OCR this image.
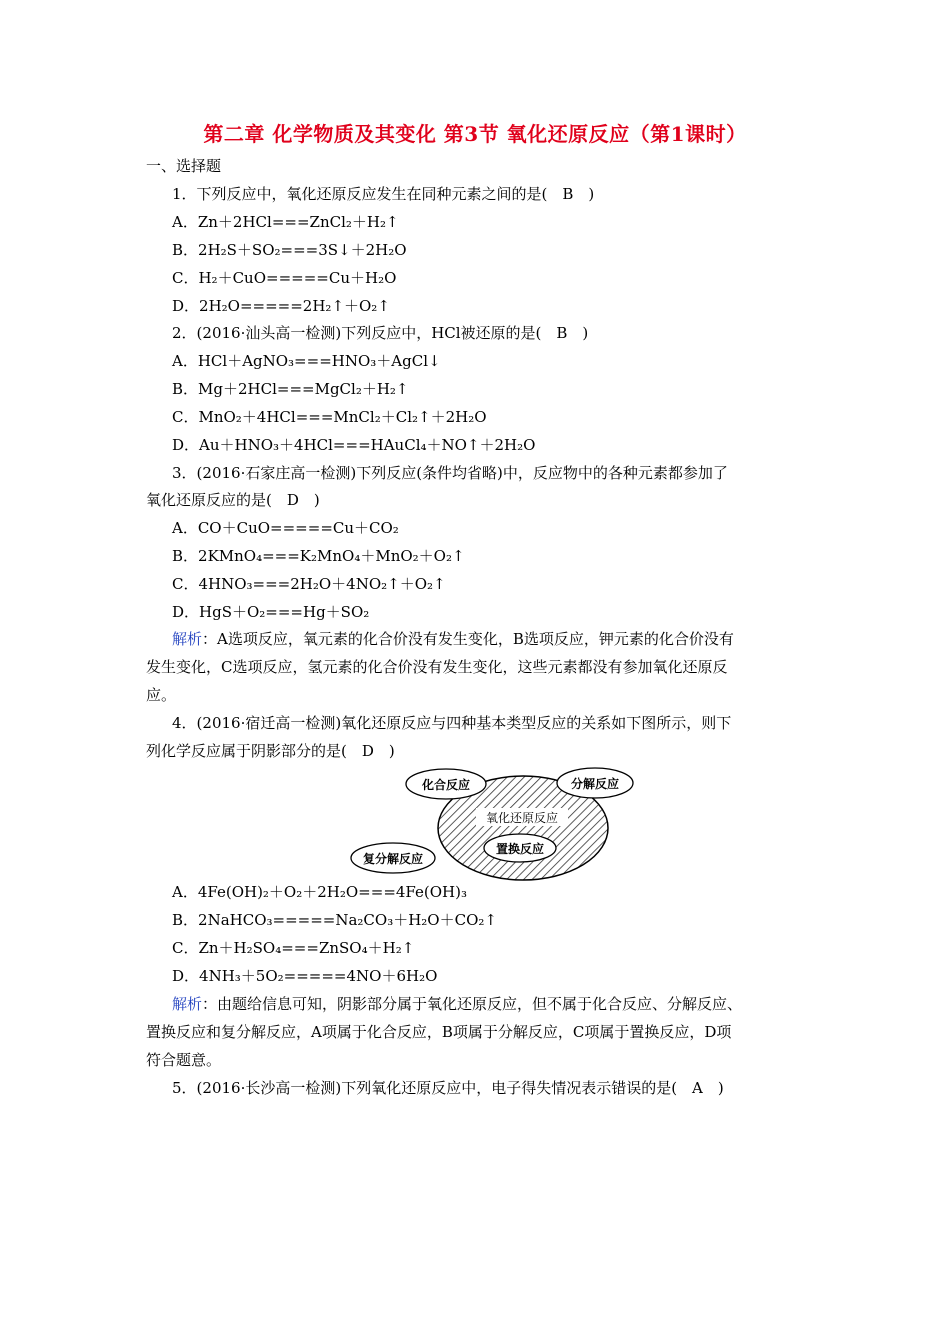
第二章 化学物质及其变化 第3节 氧化还原反应（第1课时）
一、选择题
1．下列反应中，氧化还原反应发生在同种元素之间的是(　B　)
A．Zn＋2HCl===ZnCl₂＋H₂↑
B．2H₂S＋SO₂===3S↓＋2H₂O
C．H₂＋CuO=====Cu＋H₂O
D．2H₂O=====2H₂↑＋O₂↑
2．(2016·汕头高一检测)下列反应中，HCl被还原的是(　B　)
A．HCl＋AgNO₃===HNO₃＋AgCl↓
B．Mg＋2HCl===MgCl₂＋H₂↑
C．MnO₂＋4HCl===MnCl₂＋Cl₂↑＋2H₂O
D．Au＋HNO₃＋4HCl===HAuCl₄＋NO↑＋2H₂O
3．(2016·石家庄高一检测)下列反应(条件均省略)中，反应物中的各种元素都参加了
氧化还原反应的是(　D　)
A．CO＋CuO=====Cu＋CO₂
B．2KMnO₄===K₂MnO₄＋MnO₂＋O₂↑
C．4HNO₃===2H₂O＋4NO₂↑＋O₂↑
D．HgS＋O₂===Hg＋SO₂
解析：A选项反应，氧元素的化合价没有发生变化，B选项反应，钾元素的化合价没有
发生变化，C选项反应，氢元素的化合价没有发生变化，这些元素都没有参加氧化还原反
应。
4．(2016·宿迁高一检测)氧化还原反应与四种基本类型反应的关系如下图所示，则下
列化学反应属于阴影部分的是(　D　)
氧化还原反应
化合反应	分解反应
置换反应
复分解反应
A．4Fe(OH)₂＋O₂＋2H₂O===4Fe(OH)₃
B．2NaHCO₃=====Na₂CO₃＋H₂O＋CO₂↑
C．Zn＋H₂SO₄===ZnSO₄＋H₂↑
D．4NH₃＋5O₂=====4NO＋6H₂O
解析：由题给信息可知，阴影部分属于氧化还原反应，但不属于化合反应、分解反应、
置换反应和复分解反应，A项属于化合反应，B项属于分解反应，C项属于置换反应，D项
符合题意。
5．(2016·长沙高一检测)下列氧化还原反应中，电子得失情况表示错误的是(　A　)
